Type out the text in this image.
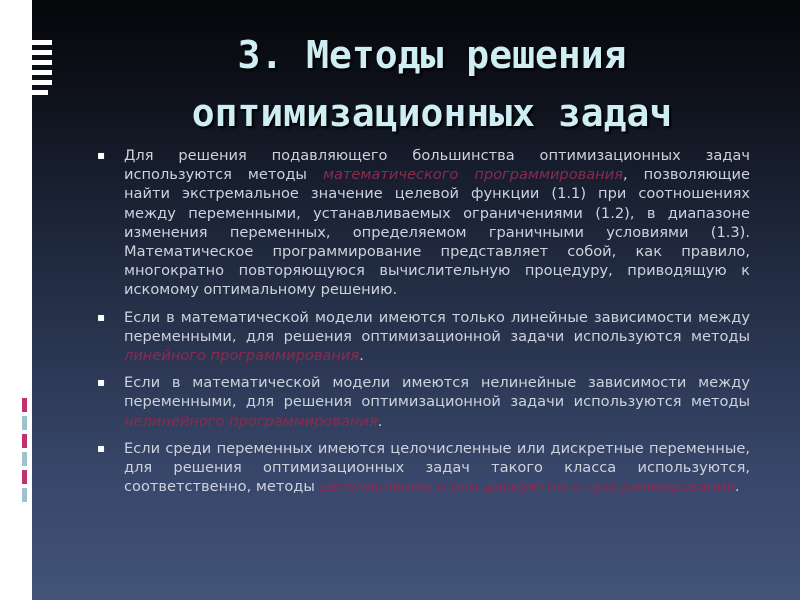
3. Методы решения
оптимизационных задач
▪ Для решения подавляющего большинства оптимизационных задач используются методы математического программирования, позволяющие найти экстремальное значение целевой функции (1.1) при соотношениях между переменными, устанавливаемых ограничениями (1.2), в диапазоне изменения переменных, определяемом граничными условиями (1.3). Математическое программирование представляет собой, как правило, многократно повторяющуюся вычислительную процедуру, приводящую к искомому оптимальному решению.
▪ Если в математической модели имеются только линейные зависимости между переменными, для решения оптимизационной задачи используются методы линейного программирования.
▪ Если в математической модели имеются нелинейные зависимости между переменными, для решения оптимизационной задачи используются методы нелинейного программирования.
▪ Если среди переменных имеются целочисленные или дискретные переменные, для решения оптимизационных задач такого класса используются, соответственно, методы целочисленного или дискретного программирования.
